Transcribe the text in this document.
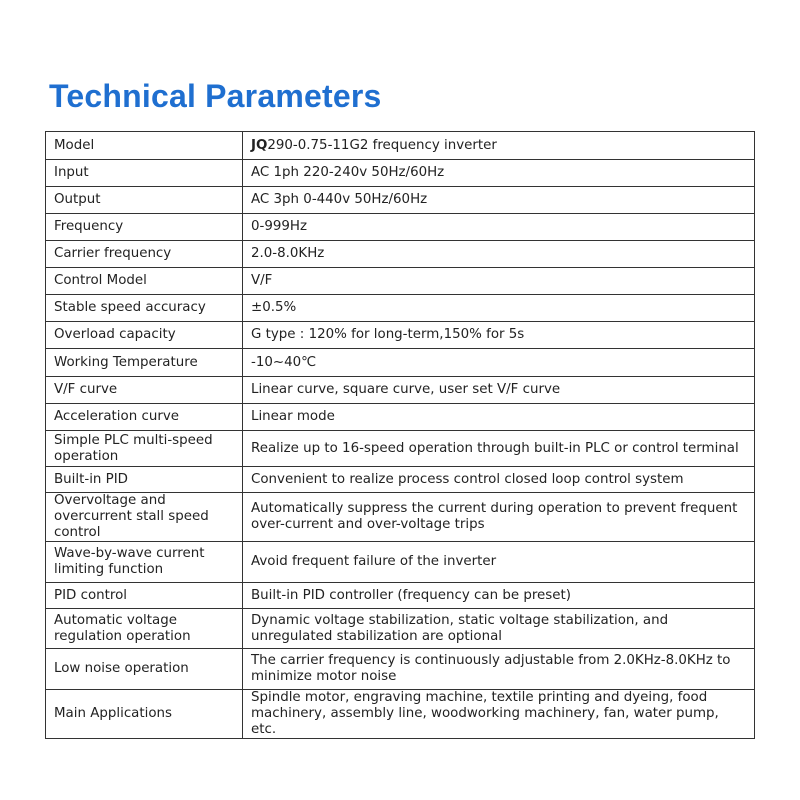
Technical Parameters
Model	JQ290-0.75-11G2 frequency inverter
Input	AC 1ph 220-240v 50Hz/60Hz
Output	AC 3ph 0-440v 50Hz/60Hz
Frequency	0-999Hz
Carrier frequency	2.0-8.0KHz
Control Model	V/F
Stable speed accuracy	±0.5%
Overload capacity	G type : 120% for long-term,150% for 5s
Working Temperature	-10~40℃
V/F curve	Linear curve, square curve, user set V/F curve
Acceleration curve	Linear mode
Simple PLC multi-speed operation	Realize up to 16-speed operation through built-in PLC or control terminal
Built-in PID	Convenient to realize process control closed loop control system
Overvoltage and overcurrent stall speed control	Automatically suppress the current during operation to prevent frequent over-current and over-voltage trips
Wave-by-wave current limiting function	Avoid frequent failure of the inverter
PID control	Built-in PID controller (frequency can be preset)
Automatic voltage regulation operation	Dynamic voltage stabilization, static voltage stabilization, and unregulated stabilization are optional
Low noise operation	The carrier frequency is continuously adjustable from 2.0KHz-8.0KHz to minimize motor noise
Main Applications	Spindle motor, engraving machine, textile printing and dyeing, food machinery, assembly line, woodworking machinery, fan, water pump, etc.
